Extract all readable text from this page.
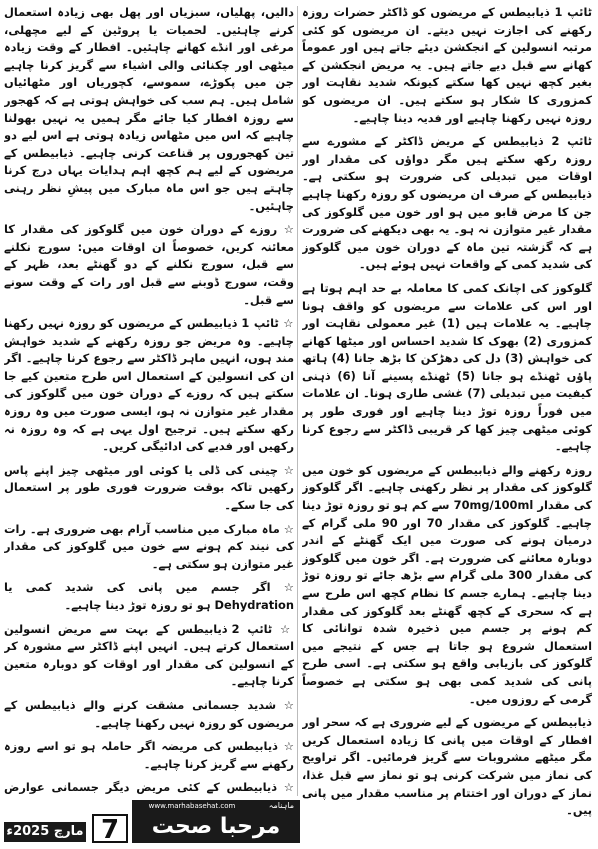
ٹائپ 1 ذیابیطس کے مریضوں کو ڈاکٹر حضرات روزہ رکھنے کی اجازت نہیں دیتے۔ ان مریضوں کو کئی مرتبہ انسولین کے انجکشن دیئے جاتے ہیں اور عموماً کھانے سے قبل دیے جاتے ہیں۔ یہ مریض انجکشن کے بغیر کچھ نہیں کھا سکتے کیونکہ شدید نقاہت اور کمزوری کا شکار ہو سکتے ہیں۔ ان مریضوں کو روزہ نہیں رکھنا چاہیے اور فدیہ دینا چاہیے۔

ٹائپ 2 ذیابیطس کے مریض ڈاکٹر کے مشورے سے روزہ رکھ سکتے ہیں مگر دواؤں کی مقدار اور اوقات میں تبدیلی کی ضرورت ہو سکتی ہے۔ ذیابیطس کے صرف ان مریضوں کو روزہ رکھنا چاہیے جن کا مرض قابو میں ہو اور خون میں گلوکوز کی مقدار غیر متوازن نہ ہو۔ یہ بھی دیکھنے کی ضرورت ہے کہ گزشتہ تین ماہ کے دوران خون میں گلوکوز کی شدید کمی کے واقعات نہیں ہوئے ہیں۔

گلوکوز کی اچانک کمی کا معاملہ بے حد اہم ہوتا ہے اور اس کی علامات سے مریضوں کو واقف ہونا چاہیے۔ یہ علامات ہیں (1) غیر معمولی نقاہت اور کمزوری (2) بھوک کا شدید احساس اور میٹھا کھانے کی خواہش (3) دل کی دھڑکن کا بڑھ جانا (4) ہاتھ پاؤں ٹھنڈے ہو جانا (5) ٹھنڈے پسینے آنا (6) ذہنی کیفیت میں تبدیلی (7) غشی طاری ہونا۔ ان علامات میں فوراً روزہ توڑ دینا چاہیے اور فوری طور پر کوئی میٹھی چیز کھا کر قریبی ڈاکٹر سے رجوع کرنا چاہیے۔

روزہ رکھنے والے ذیابیطس کے مریضوں کو خون میں گلوکوز کی مقدار پر نظر رکھنی چاہیے۔ اگر گلوکوز کی مقدار 70mg/100ml سے کم ہو تو روزہ توڑ دینا چاہیے۔ گلوکوز کی مقدار 70 اور 90 ملی گرام کے درمیان ہونے کی صورت میں ایک گھنٹے کے اندر دوبارہ معائنے کی ضرورت ہے۔ اگر خون میں گلوکوز کی مقدار 300 ملی گرام سے بڑھ جائے تو روزہ توڑ دینا چاہیے۔ ہمارے جسم کا نظام کچھ اس طرح سے ہے کہ سحری کے کچھ گھنٹے بعد گلوکوز کی مقدار کم ہونے پر جسم میں ذخیرہ شدہ توانائی کا استعمال شروع ہو جاتا ہے جس کے نتیجے میں گلوکوز کی بازیابی واقع ہو سکتی ہے۔ اسی طرح پانی کی شدید کمی بھی ہو سکتی ہے خصوصاً گرمی کے روزوں میں۔

ذیابیطس کے مریضوں کے لیے ضروری ہے کہ سحر اور افطار کے اوقات میں پانی کا زیادہ استعمال کریں مگر میٹھے مشروبات سے گریز فرمائیں۔ اگر تراویح کی نماز میں شرکت کرنی ہو تو نماز سے قبل غذا، نماز کے دوران اور اختتام پر مناسب مقدار میں پانی پیں۔

دالیں، پھلیاں، سبزیاں اور پھل بھی زیادہ استعمال کرنے چاہئیں۔ لحمیات یا پروٹین کے لیے مچھلی، مرغی اور انڈے کھانے چاہئیں۔ افطار کے وقت زیادہ میٹھی اور چکنائی والی اشیاء سے گریز کرنا چاہیے جن میں پکوڑے، سموسے، کچوریاں اور مٹھائیاں شامل ہیں۔ ہم سب کی خواہش ہوتی ہے کہ کھجور سے روزہ افطار کیا جائے مگر ہمیں یہ نہیں بھولنا چاہیے کہ اس میں مٹھاس زیادہ ہوتی ہے اس لیے دو تین کھجوروں پر قناعت کرنی چاہیے۔ ذیابیطس کے مریضوں کے لیے ہم کچھ اہم ہدایات یہاں درج کرنا چاہتے ہیں جو اس ماہ مبارک میں پیشِ نظر رہنی چاہئیں۔

☆ روزے کے دوران خون میں گلوکوز کی مقدار کا معائنہ کریں، خصوصاً ان اوقات میں: سورج نکلنے سے قبل، سورج نکلنے کے دو گھنٹے بعد، ظہر کے وقت، سورج ڈوبنے سے قبل اور رات کے وقت سونے سے قبل۔

☆ ٹائپ 1 ذیابیطس کے مریضوں کو روزہ نہیں رکھنا چاہیے۔ وہ مریض جو روزہ رکھنے کے شدید خواہش مند ہوں، انہیں ماہر ڈاکٹر سے رجوع کرنا چاہیے۔ اگر ان کی انسولین کے استعمال اس طرح متعین کیے جا سکتے ہیں کہ روزے کے دوران خون میں گلوکوز کی مقدار غیر متوازن نہ ہو، ایسی صورت میں وہ روزہ رکھ سکتے ہیں۔ ترجیح اول یہی ہے کہ وہ روزہ نہ رکھیں اور فدیے کی ادائیگی کریں۔

☆ چینی کی ڈلی یا کوئی اور میٹھی چیز اپنے پاس رکھیں تاکہ بوقت ضرورت فوری طور پر استعمال کی جا سکے۔

☆ ماہ مبارک میں مناسب آرام بھی ضروری ہے۔ رات کی نیند کم ہونے سے خون میں گلوکوز کی مقدار غیر متوازن ہو سکتی ہے۔

☆ اگر جسم میں پانی کی شدید کمی یا Dehydration ہو تو روزہ توڑ دینا چاہیے۔

☆ ٹائپ 2 ذیابیطس کے بہت سے مریض انسولین استعمال کرتے ہیں۔ انہیں اپنے ڈاکٹر سے مشورہ کر کے انسولین کی مقدار اور اوقات کو دوبارہ متعین کرنا چاہیے۔

☆ شدید جسمانی مشقت کرنے والے ذیابیطس کے مریضوں کو روزہ نہیں رکھنا چاہیے۔

☆ ذیابیطس کی مریضہ اگر حاملہ ہو تو اسے روزہ رکھنے سے گریز کرنا چاہیے۔

☆ ذیابیطس کے کئی مریض دیگر جسمانی عوارض

مارچ 2025ء 7
www.marhabasehat.com	ماہنامہ
مرحبا صحت
